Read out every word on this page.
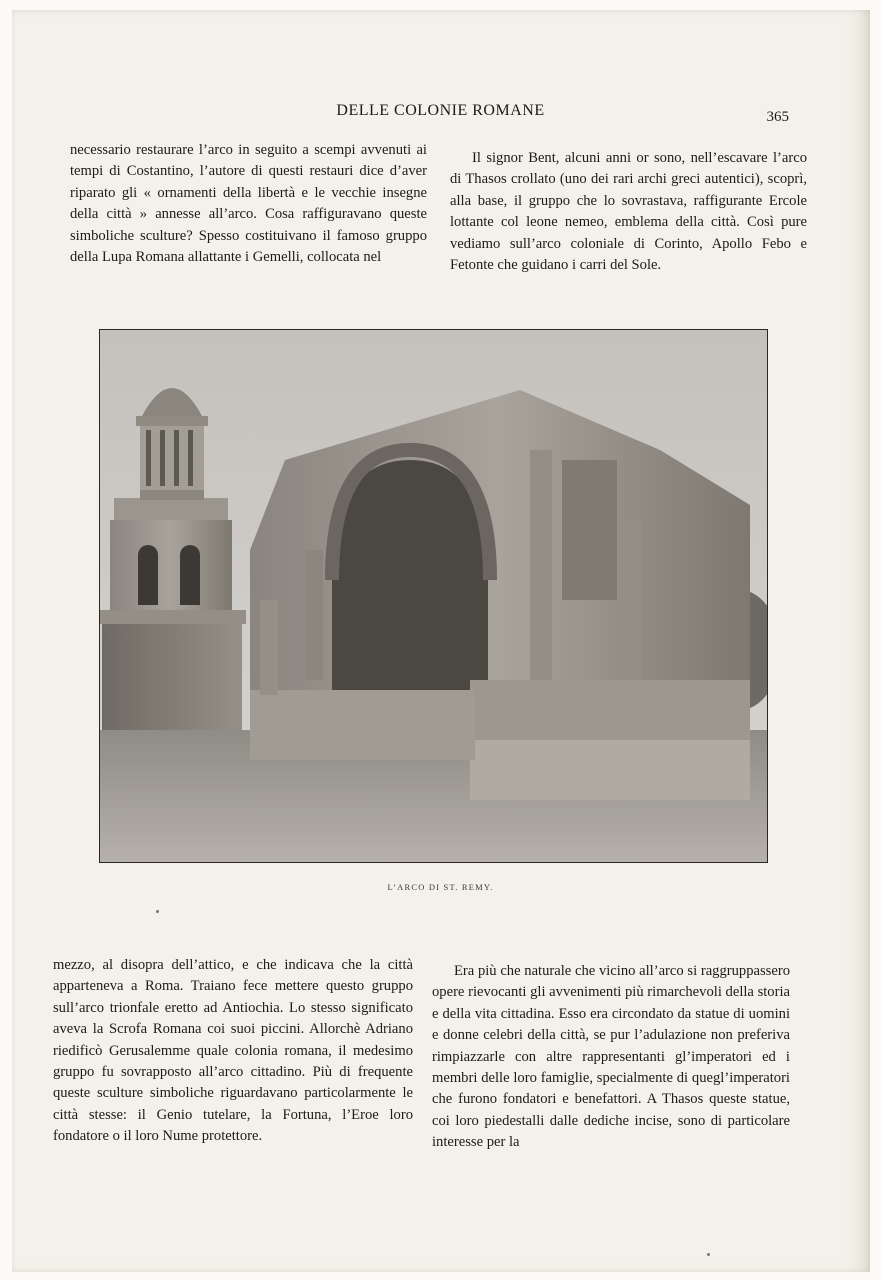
DELLE COLONIE ROMANE	365
necessario restaurare l’arco in seguito a scempi avvenuti ai tempi di Costantino, l’autore di questi restauri dice d’aver riparato gli « ornamenti della libertà e le vecchie insegne della città » annesse all’arco. Cosa raffiguravano queste simboliche sculture? Spesso costituivano il famoso gruppo della Lupa Romana allattante i Gemelli, collocata nel
Il signor Bent, alcuni anni or sono, nell’escavare l’arco di Thasos crollato (uno dei rari archi greci autentici), scoprì, alla base, il gruppo che lo sovrastava, raffigurante Ercole lottante col leone nemeo, emblema della città. Così pure vediamo sull’arco coloniale di Corinto, Apollo Febo e Fetonte che guidano i carri del Sole.
L’ARCO DI ST. REMY.
mezzo, al disopra dell’attico, e che indicava che la città apparteneva a Roma. Traiano fece mettere questo gruppo sull’arco trionfale eretto ad Antiochia. Lo stesso significato aveva la Scrofa Romana coi suoi piccini. Allorchè Adriano riedificò Gerusalemme quale colonia romana, il medesimo gruppo fu sovrapposto all’arco cittadino. Più di frequente queste sculture simboliche riguardavano particolarmente le città stesse: il Genio tutelare, la Fortuna, l’Eroe loro fondatore o il loro Nume protettore.
Era più che naturale che vicino all’arco si raggruppassero opere rievocanti gli avvenimenti più rimarchevoli della storia e della vita cittadina. Esso era circondato da statue di uomini e donne celebri della città, se pur l’adulazione non preferiva rimpiazzarle con altre rappresentanti gl’imperatori ed i membri delle loro famiglie, specialmente di quegl’imperatori che furono fondatori e benefattori. A Thasos queste statue, coi loro piedestalli dalle dediche incise, sono di particolare interesse per la
